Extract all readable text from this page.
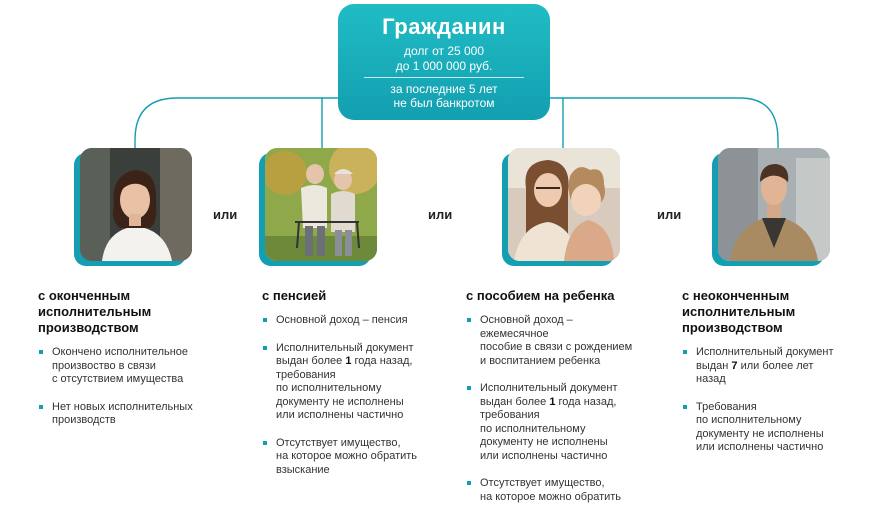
Гражданин
долг от 25 000
до 1 000 000 руб.
за последние 5 лет
не был банкротом
или	или	или
с оконченным
исполнительным
производством
Окончено исполнительное
произвоство в связи
с отсутствием имущества
Нет новых исполнительных
производств
с пенсией
Основной доход – пенсия
Исполнительный документ
выдан более 1 года назад,
требования
по исполнительному
документу не исполнены
или исполнены частично
Отсутствует имущество,
на которое можно обратить
взыскание
с пособием на ребенка
Основной доход –
ежемесячное
пособие в связи с рождением
и воспитанием ребенка
Исполнительный документ
выдан более 1 года назад,
требования
по исполнительному
документу не исполнены
или исполнены частично
Отсутствует имущество,
на которое можно обратить
с неоконченным
исполнительным
производством
Исполнительный документ
выдан 7 или более лет
назад
Требования
по исполнительному
документу не исполнены
или исполнены частично
